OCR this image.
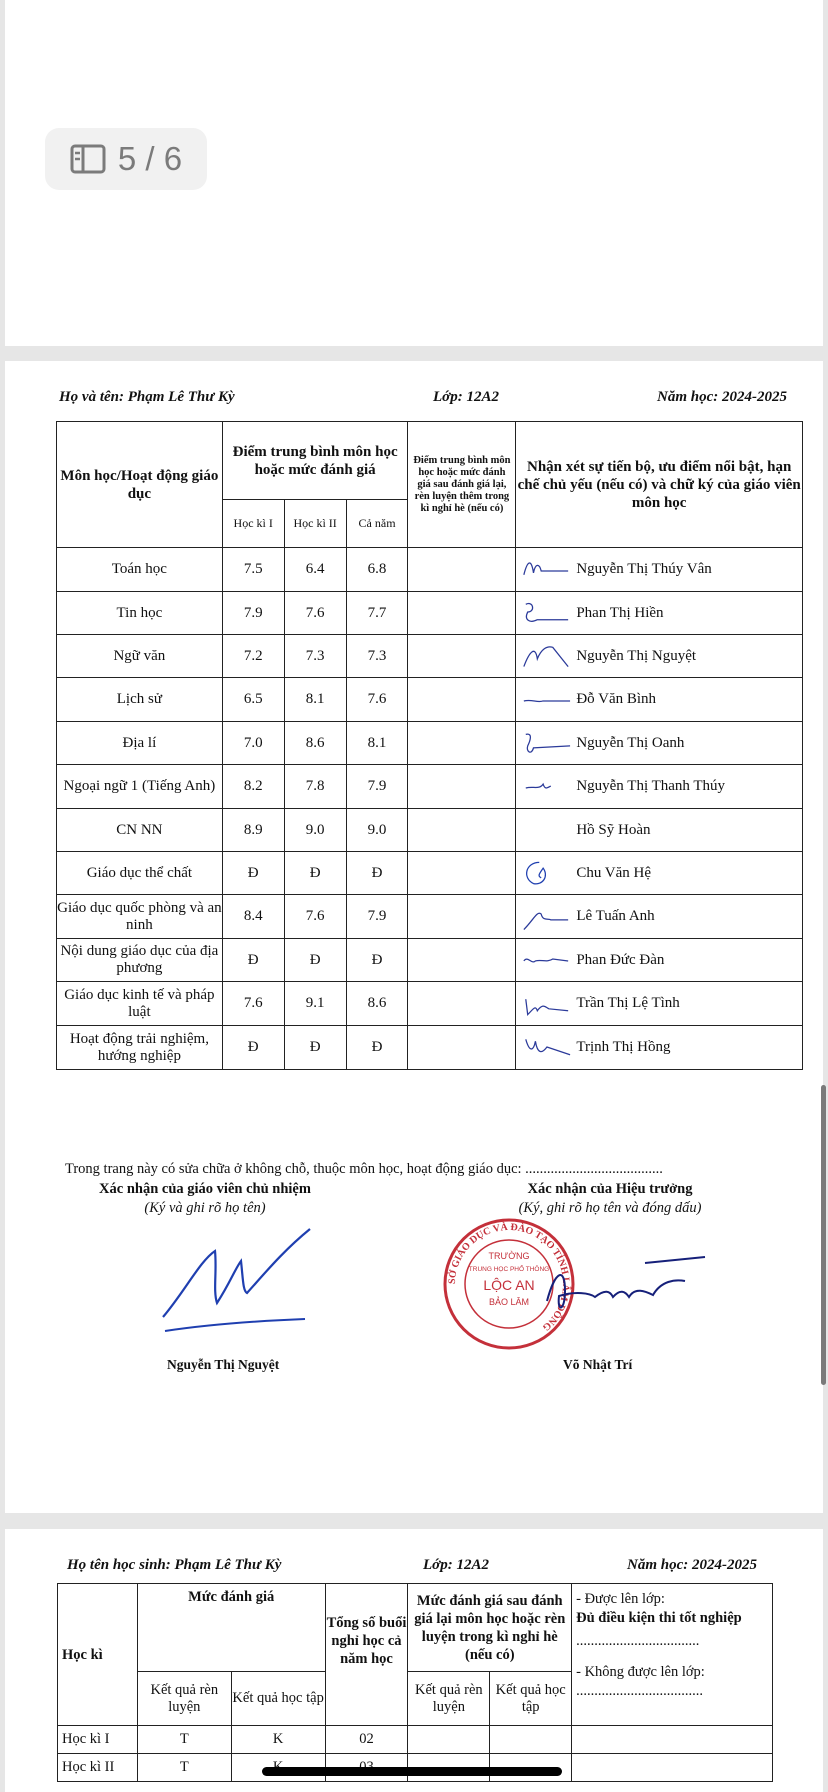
5 / 6
Họ và tên: Phạm Lê Thư Kỳ	Lớp: 12A2	Năm học: 2024-2025
Môn học/Hoạt động giáo dục	Điểm trung bình môn học hoặc mức đánh giá			Điểm trung bình môn học hoặc mức đánh giá sau đánh giá lại, rèn luyện thêm trong kì nghỉ hè (nếu có)	Nhận xét sự tiến bộ, ưu điểm nổi bật, hạn chế chủ yếu (nếu có) và chữ ký của giáo viên môn học
	Học kì I	Học kì II	Cả năm		
Toán học	7.5	6.4	6.8		Nguyễn Thị Thúy Vân
Tin học	7.9	7.6	7.7		Phan Thị Hiền
Ngữ văn	7.2	7.3	7.3		Nguyễn Thị Nguyệt
Lịch sử	6.5	8.1	7.6		Đỗ Văn Bình
Địa lí	7.0	8.6	8.1		Nguyễn Thị Oanh
Ngoại ngữ 1 (Tiếng Anh)	8.2	7.8	7.9		Nguyễn Thị Thanh Thúy
CN NN	8.9	9.0	9.0		Hồ Sỹ Hoàn
Giáo dục thể chất	Đ	Đ	Đ		Chu Văn Hệ
Giáo dục quốc phòng và an ninh	8.4	7.6	7.9		Lê Tuấn Anh
Nội dung giáo dục của địa phương	Đ	Đ	Đ		Phan Đức Đàn
Giáo dục kinh tế và pháp luật	7.6	9.1	8.6		Trần Thị Lệ Tình
Hoạt động trải nghiệm, hướng nghiệp	Đ	Đ	Đ		Trịnh Thị Hồng
Trong trang này có sửa chữa ở không chỗ, thuộc môn học, hoạt động giáo dục: ......................................
Xác nhận của giáo viên chủ nhiệm
(Ký và ghi rõ họ tên)
Xác nhận của Hiệu trưởng
(Ký, ghi rõ họ tên và đóng dấu)
SỞ GIÁO DỤC VÀ ĐÀO TẠO TỈNH LÂM ĐỒNG
TRƯỜNG
TRUNG HỌC PHỔ THÔNG
LỘC AN
BẢO LÂM
Nguyễn Thị Nguyệt	Võ Nhật Trí
Họ tên học sinh: Phạm Lê Thư Kỳ	Lớp: 12A2	Năm học: 2024-2025
Học kì	Mức đánh giá		Tổng số buổi nghỉ học cả năm học	Mức đánh giá sau đánh giá lại môn học hoặc rèn luyện trong kì nghỉ hè (nếu có)		- Được lên lớp:
Đủ điều kiện thi tốt nghiệp
..................................
- Không được lên lớp:
...................................

	Kết quả rèn luyện	Kết quả học tập		Kết quả rèn luyện	Kết quả học tập	
Học kì I	T	K	02			
Học kì II	T					
